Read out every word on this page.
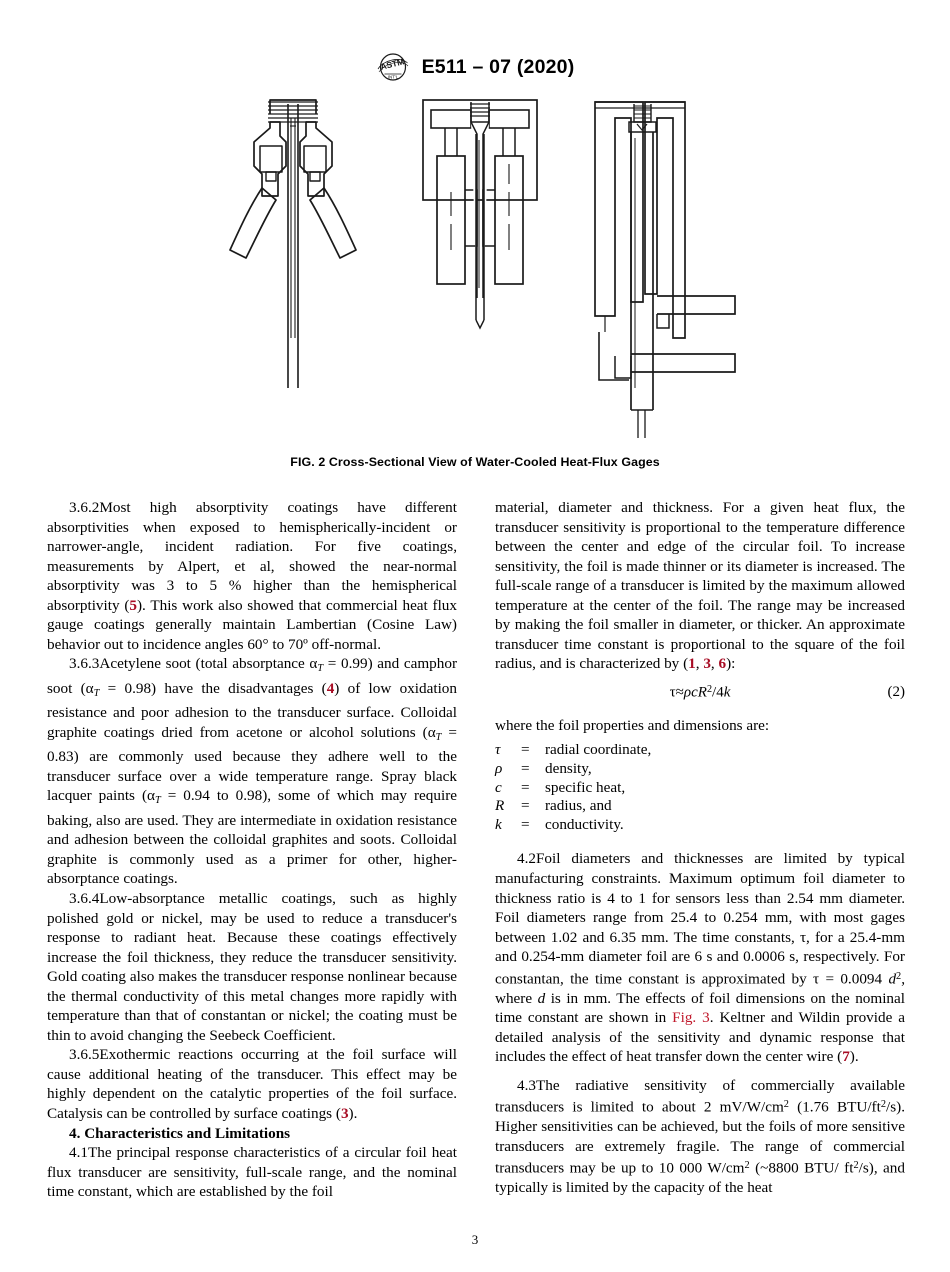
ASTM
INT'L E511 – 07 (2020)
FIG. 2 Cross-Sectional View of Water-Cooled Heat-Flux Gages

3.6.2Most high absorptivity coatings have different absorptivities when exposed to hemispherically-incident or narrower-angle, incident radiation. For five coatings, measurements by Alpert, et al, showed the near-normal absorptivity was 3 to 5 % higher than the hemispherical absorptivity (5). This work also showed that commercial heat flux gauge coatings generally maintain Lambertian (Cosine Law) behavior out to incidence angles 60° to 70º off-normal.

3.6.3Acetylene soot (total absorptance $\alpha_T = 0.99$) and camphor soot $(\alpha_T = 0.98)$ have the disadvantages (4) of low oxidation resistance and poor adhesion to the transducer surface. Colloidal graphite coatings dried from acetone or alcohol solutions $(\alpha_T = 0.83)$ are commonly used because they adhere well to the transducer surface over a wide temperature range. Spray black lacquer paints ($\alpha_T = 0.94$ to 0.98), some of which may require baking, also are used. They are intermediate in oxidation resistance and adhesion between the colloidal graphites and soots. Colloidal graphite is commonly used as a primer for other, higher-absorptance coatings.

3.6.4Low-absorptance metallic coatings, such as highly polished gold or nickel, may be used to reduce a transducer's response to radiant heat. Because these coatings effectively increase the foil thickness, they reduce the transducer sensitivity. Gold coating also makes the transducer response nonlinear because the thermal conductivity of this metal changes more rapidly with temperature than that of constantan or nickel; the coating must be thin to avoid changing the Seebeck Coefficient.

3.6.5Exothermic reactions occurring at the foil surface will cause additional heating of the transducer. This effect may be highly dependent on the catalytic properties of the foil surface. Catalysis can be controlled by surface coatings (3).

4. Characteristics and Limitations

4.1The principal response characteristics of a circular foil heat flux transducer are sensitivity, full-scale range, and the nominal time constant, which are established by the foil

material, diameter and thickness. For a given heat flux, the transducer sensitivity is proportional to the temperature difference between the center and edge of the circular foil. To increase sensitivity, the foil is made thinner or its diameter is increased. The full-scale range of a transducer is limited by the maximum allowed temperature at the center of the foil. The range may be increased by making the foil smaller in diameter, or thicker. An approximate transducer time constant is proportional to the square of the foil radius, and is characterized by (1, 3, 6):

τ≈ρcR$^2$/4k	(2)

where the foil properties and dimensions are:

τ	=	radial coordinate,
ρ	=	density,
c	=	specific heat,
R	=	radius, and
k	=	conductivity.

4.2Foil diameters and thicknesses are limited by typical manufacturing constraints. Maximum optimum foil diameter to thickness ratio is 4 to 1 for sensors less than 2.54 mm diameter. Foil diameters range from 25.4 to 0.254 mm, with most gages between 1.02 and 6.35 mm. The time constants, τ, for a 25.4-mm and 0.254-mm diameter foil are 6 s and 0.0006 s, respectively. For constantan, the time constant is approximated by τ = 0.0094 $d^2$, where d is in mm. The effects of foil dimensions on the nominal time constant are shown in Fig. 3. Keltner and Wildin provide a detailed analysis of the sensitivity and dynamic response that includes the effect of heat transfer down the center wire (7).

4.3The radiative sensitivity of commercially available transducers is limited to about 2 $mV/W/cm^2$ (1.76 BTU/$ft^2/s$). Higher sensitivities can be achieved, but the foils of more sensitive transducers are extremely fragile. The range of commercial transducers may be up to 10 000 $W/cm^2$ (~8800 BTU/ $ft^2/s$), and typically is limited by the capacity of the heat

3
